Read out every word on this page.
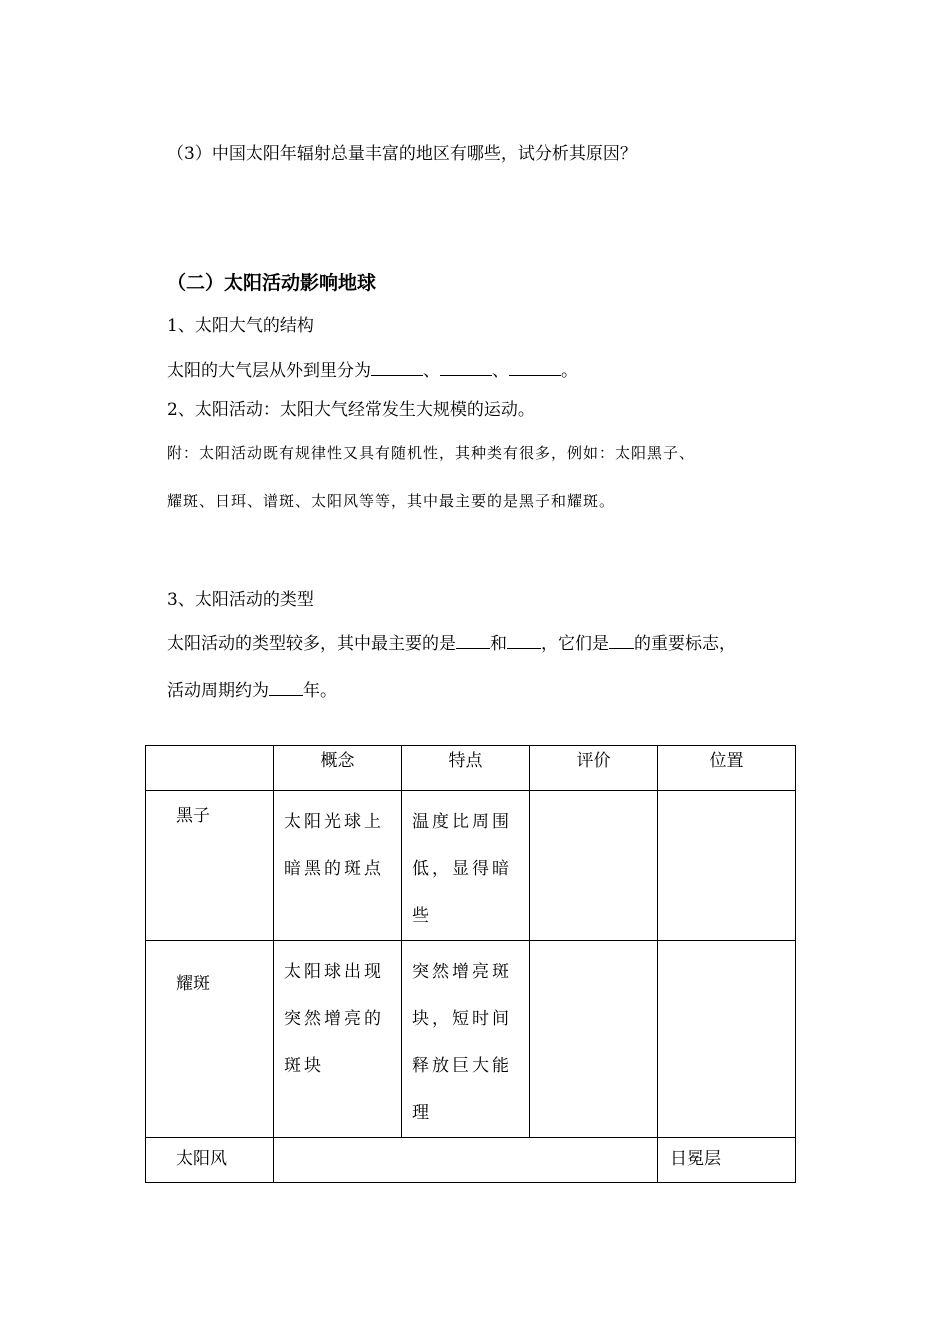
（3）中国太阳年辐射总量丰富的地区有哪些，试分析其原因？
（二）太阳活动影响地球
1、太阳大气的结构
太阳的大气层从外到里分为	、	、	。
2、太阳活动：太阳大气经常发生大规模的运动。
附：太阳活动既有规律性又具有随机性，其种类有很多，例如：太阳黑子、
耀斑、日珥、谱斑、太阳风等等，其中最主要的是黑子和耀斑。
3、太阳活动的类型
太阳活动的类型较多，其中最主要的是 和 ，它们是 的重要标志，
活动周期约为 年。
	概念	特点	评价	位置

黑子	太阳光球上暗黑的斑点	温度比周围低，显得暗些		

耀斑	太阳球出现突然增亮的斑块	突然增亮斑块，短时间释放巨大能理		

太阳风				日冕层
